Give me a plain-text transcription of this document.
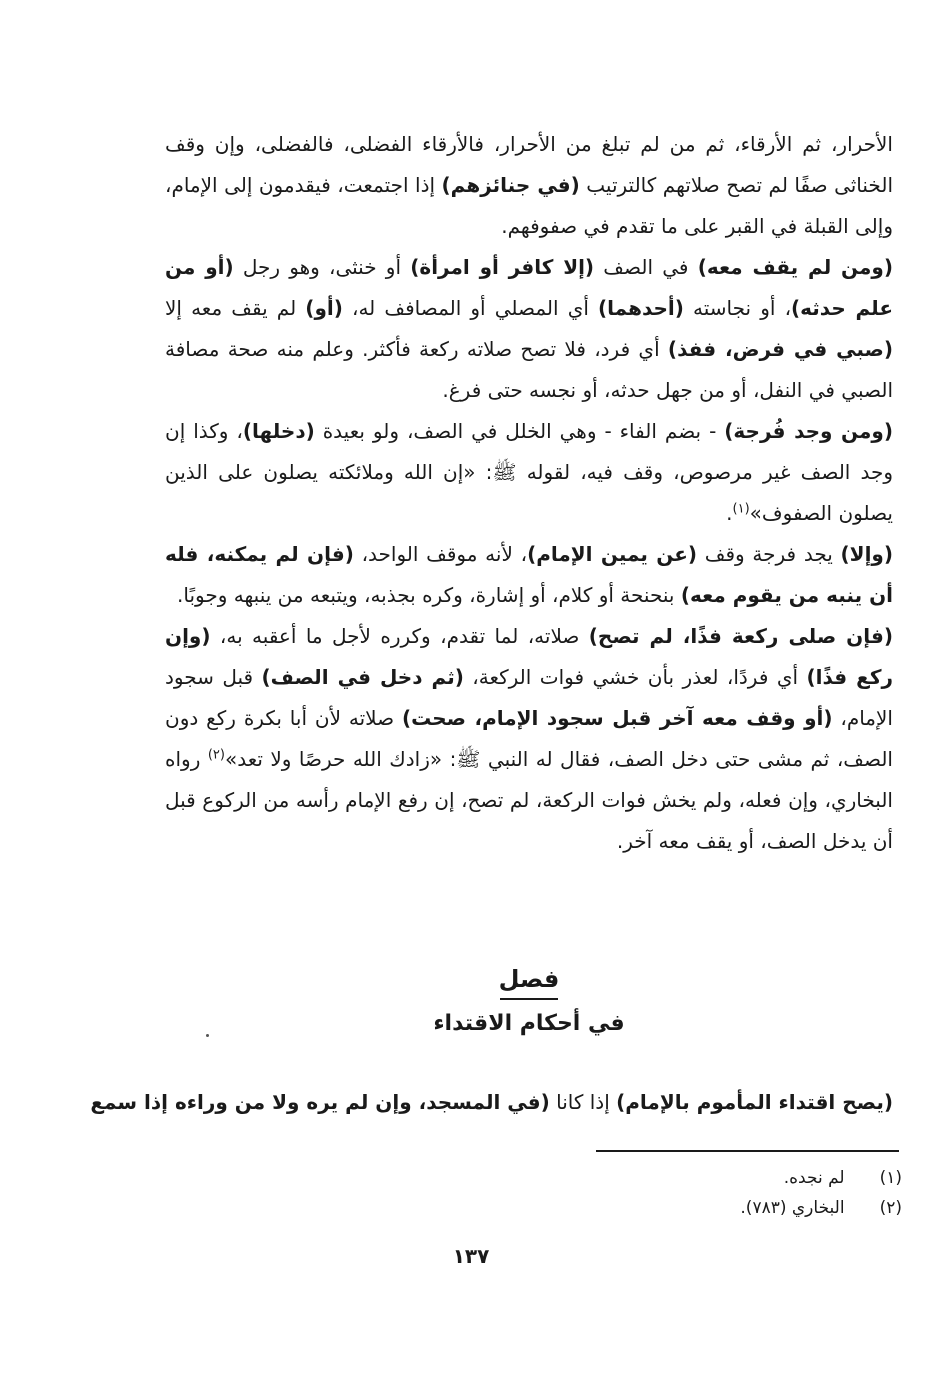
الأحرار، ثم الأرقاء، ثم من لم تبلغ من الأحرار، فالأرقاء الفضلى، فالفضلى، وإن وقف الخناثى صفًا لم تصح صلاتهم كالترتيب (في جنائزهم) إذا اجتمعت، فيقدمون إلى الإمام، وإلى القبلة في القبر على ما تقدم في صفوفهم.

(ومن لم يقف معه) في الصف (إلا كافر أو امرأة) أو خنثى، وهو رجل (أو من علم حدثه)، أو نجاسته (أحدهما) أي المصلي أو المصافف له، (أو) لم يقف معه إلا (صبي في فرض، ففذ) أي فرد، فلا تصح صلاته ركعة فأكثر. وعلم منه صحة مصافة الصبي في النفل، أو من جهل حدثه، أو نجسه حتى فرغ.

(ومن وجد فُرجة) - بضم الفاء - وهي الخلل في الصف، ولو بعيدة (دخلها)، وكذا إن وجد الصف غير مرصوص، وقف فيه، لقوله ﷺ: «إن الله وملائكته يصلون على الذين يصلون الصفوف»$^{(١)}$.

(وإلا) يجد فرجة وقف (عن يمين الإمام)، لأنه موقف الواحد، (فإن لم يمكنه، فله أن ينبه من يقوم معه) بنحنحة أو كلام، أو إشارة، وكره بجذبه، ويتبعه من ينبهه وجوبًا.

(فإن صلى ركعة فذًا، لم تصح) صلاته، لما تقدم، وكرره لأجل ما أعقبه به، (وإن ركع فذًا) أي فردًا، لعذر بأن خشي فوات الركعة، (ثم دخل في الصف) قبل سجود الإمام، (أو وقف معه آخر قبل سجود الإمام، صحت) صلاته لأن أبا بكرة ركع دون الصف، ثم مشى حتى دخل الصف، فقال له النبي ﷺ: «زادك الله حرصًا ولا تعد»$^{(٢)}$ رواه البخاري، وإن فعله، ولم يخش فوات الركعة، لم تصح، إن رفع الإمام رأسه من الركوع قبل أن يدخل الصف، أو يقف معه آخر.

فصل
في أحكام الاقتداء
(يصح اقتداء المأموم بالإمام) إذا كانا (في المسجد، وإن لم يره ولا من وراءه إذا سمع
(١) لم نجده.
(٢) البخاري (٧٨٣).
١٣٧
